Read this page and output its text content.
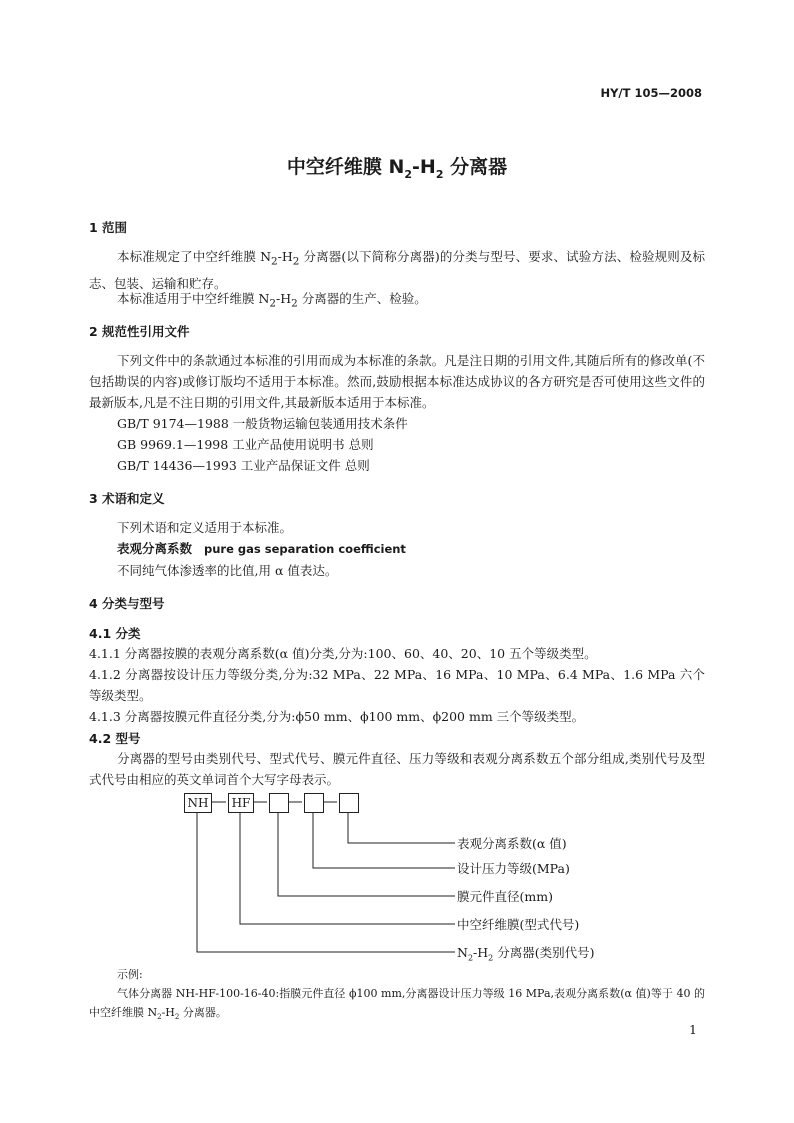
HY/T 105—2008
中空纤维膜 $N_2-H_2$ 分离器
1 范围
本标准规定了中空纤维膜 $N_2-H_2$ 分离器(以下简称分离器)的分类与型号、要求、试验方法、检验规则及标志、包装、运输和贮存。
本标准适用于中空纤维膜 $N_2-H_2$ 分离器的生产、检验。
2 规范性引用文件
下列文件中的条款通过本标准的引用而成为本标准的条款。凡是注日期的引用文件,其随后所有的修改单(不包括勘误的内容)或修订版均不适用于本标准。然而,鼓励根据本标准达成协议的各方研究是否可使用这些文件的最新版本,凡是不注日期的引用文件,其最新版本适用于本标准。
GB/T 9174—1988 一般货物运输包装通用技术条件
GB 9969.1—1998 工业产品使用说明书 总则
GB/T 14436—1993 工业产品保证文件 总则
3 术语和定义
下列术语和定义适用于本标准。
表观分离系数 pure gas separation coefficient
不同纯气体渗透率的比值,用 α 值表达。
4 分类与型号
4.1 分类
4.1.1 分离器按膜的表观分离系数(α 值)分类,分为:100、60、40、20、10 五个等级类型。
4.1.2 分离器按设计压力等级分类,分为:32 MPa、22 MPa、16 MPa、10 MPa、6.4 MPa、1.6 MPa 六个等级类型。
4.1.3 分离器按膜元件直径分类,分为:ϕ50 mm、ϕ100 mm、ϕ200 mm 三个等级类型。
4.2 型号
分离器的型号由类别代号、型式代号、膜元件直径、压力等级和表观分离系数五个部分组成,类别代号及型式代号由相应的英文单词首个大写字母表示。
NH HF
表观分离系数(α 值)
设计压力等级(MPa)
膜元件直径(mm)
中空纤维膜(型式代号)
$N_2-H_2$ 分离器(类别代号)
示例:
气体分离器 NH-HF-100-16-40:指膜元件直径 ϕ100 mm,分离器设计压力等级 16 MPa,表观分离系数(α 值)等于 40 的中空纤维膜 $N_2-H_2$ 分离器。
1
